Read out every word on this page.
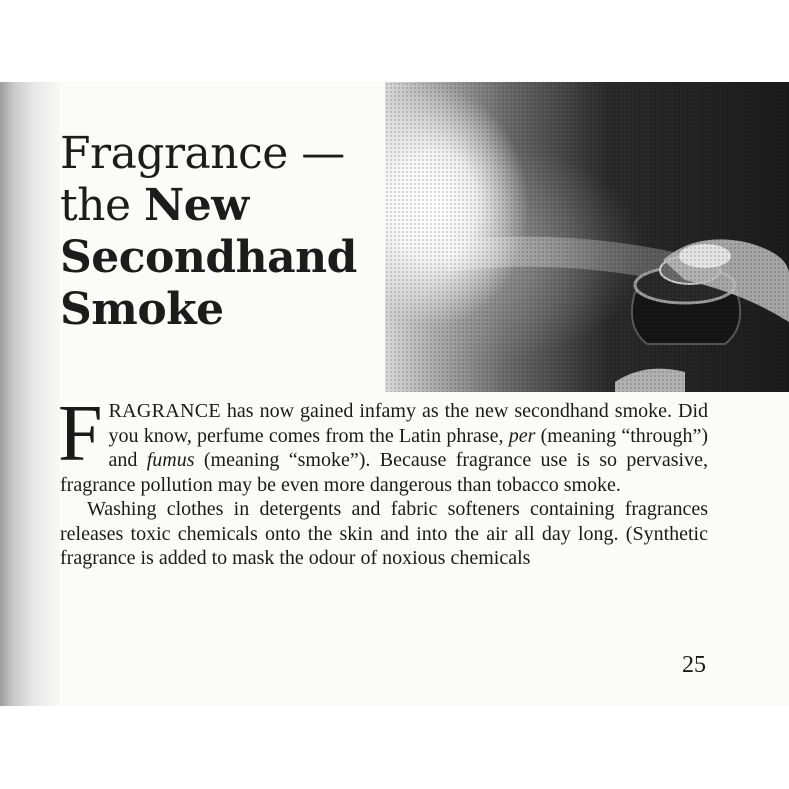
Fragrance —
the New
Secondhand
Smoke

FRAGRANCE has now gained infamy as the new secondhand smoke. Did you know, perfume comes from the Latin phrase, per (meaning “through”) and fumus (meaning “smoke”). Because fragrance use is so pervasive, fragrance pollution may be even more dangerous than tobacco smoke.

Washing clothes in detergents and fabric softeners containing fragrances releases toxic chemicals onto the skin and into the air all day long. (Synthetic fragrance is added to mask the odour of noxious chemicals

25
